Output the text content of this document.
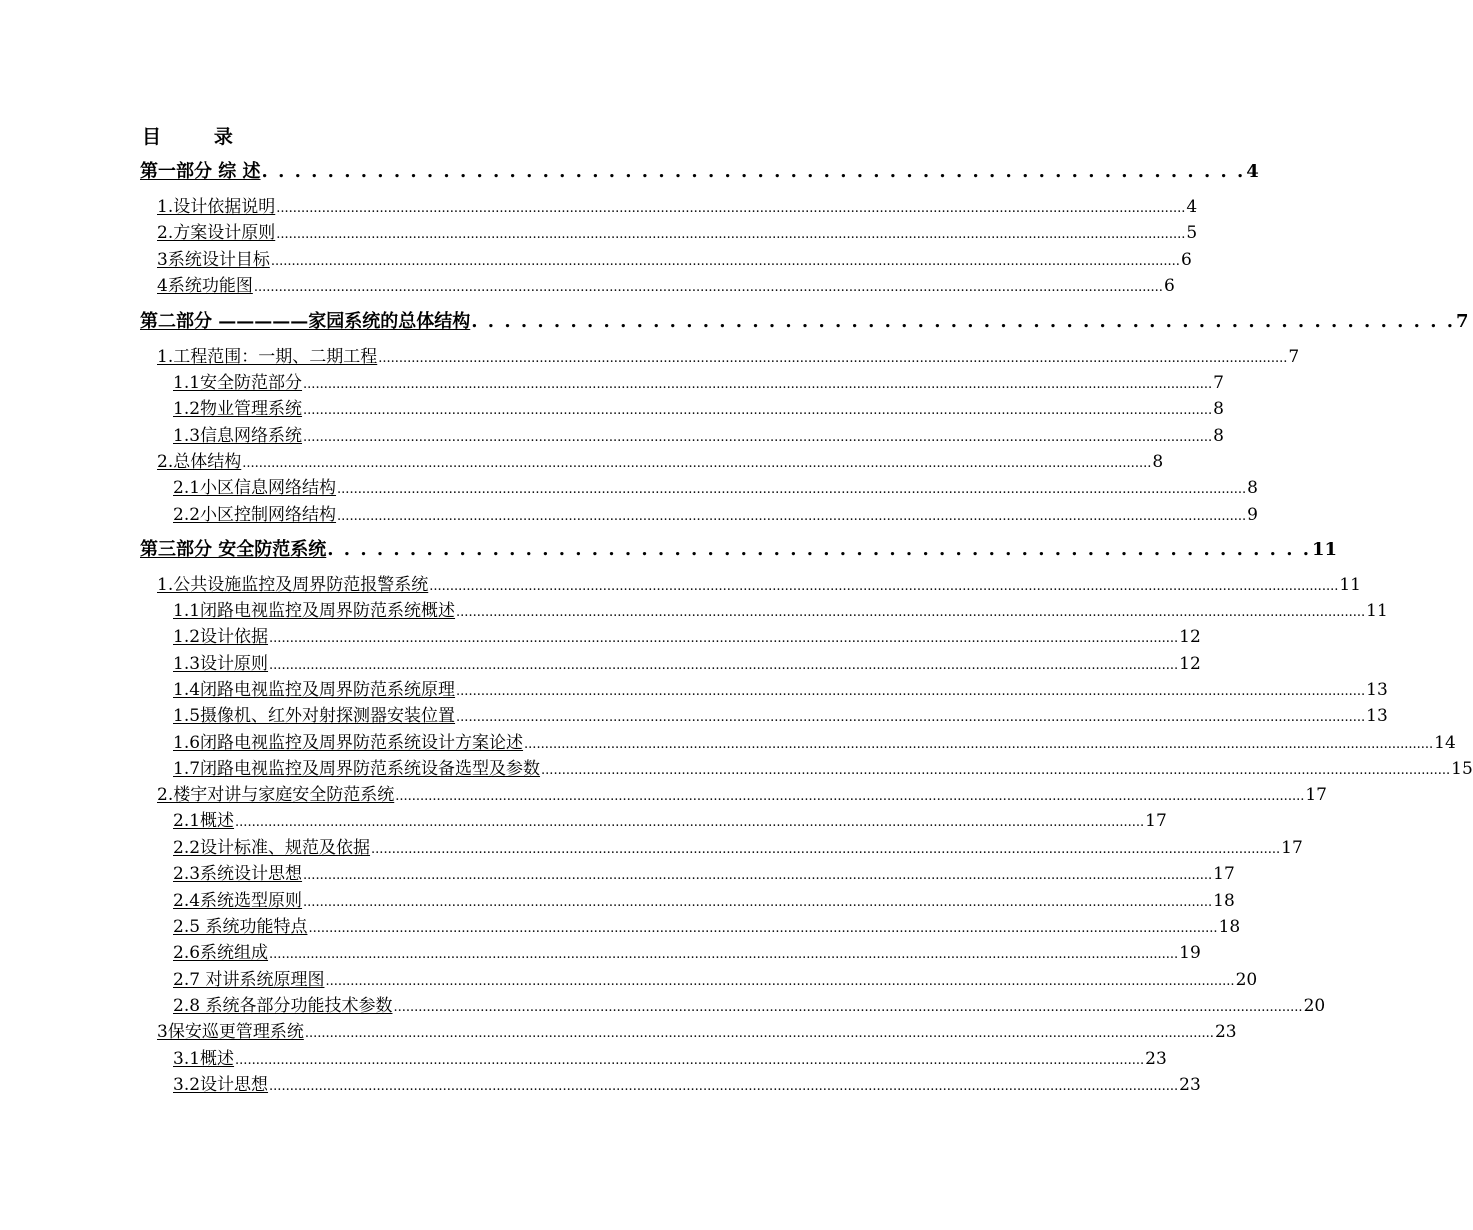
目        录
第一部分 综 述 . . . . . . . . . . . . . . . . . . . . . . . . . . . . . . . . . . . . . . . . . . . . . . . . . . . . . . . . . . . . 4
1.设计依据说明 ............................................................................................................................................................................................................................ 4
2.方案设计原则 ............................................................................................................................................................................................................................ 5
3系统设计目标 ............................................................................................................................................................................................................................ 6
4系统功能图 ............................................................................................................................................................................................................................ 6
第二部分 —————家园系统的总体结构 . . . . . . . . . . . . . . . . . . . . . . . . . . . . . . . . . . . . . . . . . . . . . . . . . . . . . . . . . . . . 7
1.工程范围：一期、二期工程 ............................................................................................................................................................................................................................ 7
1.1安全防范部分 ............................................................................................................................................................................................................................ 7
1.2物业管理系统 ............................................................................................................................................................................................................................ 8
1.3信息网络系统 ............................................................................................................................................................................................................................ 8
2.总体结构 ............................................................................................................................................................................................................................ 8
2.1小区信息网络结构 ............................................................................................................................................................................................................................ 8
2.2小区控制网络结构 ............................................................................................................................................................................................................................ 9
第三部分 安全防范系统 . . . . . . . . . . . . . . . . . . . . . . . . . . . . . . . . . . . . . . . . . . . . . . . . . . . . . . . . . . . . 11
1.公共设施监控及周界防范报警系统 ............................................................................................................................................................................................................................ 11
1.1闭路电视监控及周界防范系统概述 ............................................................................................................................................................................................................................ 11
1.2设计依据 ............................................................................................................................................................................................................................ 12
1.3设计原则 ............................................................................................................................................................................................................................ 12
1.4闭路电视监控及周界防范系统原理 ............................................................................................................................................................................................................................ 13
1.5摄像机、红外对射探测器安装位置 ............................................................................................................................................................................................................................ 13
1.6闭路电视监控及周界防范系统设计方案论述 ............................................................................................................................................................................................................................ 14
1.7闭路电视监控及周界防范系统设备选型及参数 ............................................................................................................................................................................................................................ 15
2.楼宇对讲与家庭安全防范系统 ............................................................................................................................................................................................................................ 17
2.1概述 ............................................................................................................................................................................................................................ 17
2.2设计标准、规范及依据 ............................................................................................................................................................................................................................ 17
2.3系统设计思想 ............................................................................................................................................................................................................................ 17
2.4系统选型原则 ............................................................................................................................................................................................................................ 18
2.5 系统功能特点 ............................................................................................................................................................................................................................ 18
2.6系统组成 ............................................................................................................................................................................................................................ 19
2.7 对讲系统原理图 ............................................................................................................................................................................................................................ 20
2.8 系统各部分功能技术参数 ............................................................................................................................................................................................................................ 20
3保安巡更管理系统 ............................................................................................................................................................................................................................ 23
3.1概述 ............................................................................................................................................................................................................................ 23
3.2设计思想 ............................................................................................................................................................................................................................ 23
